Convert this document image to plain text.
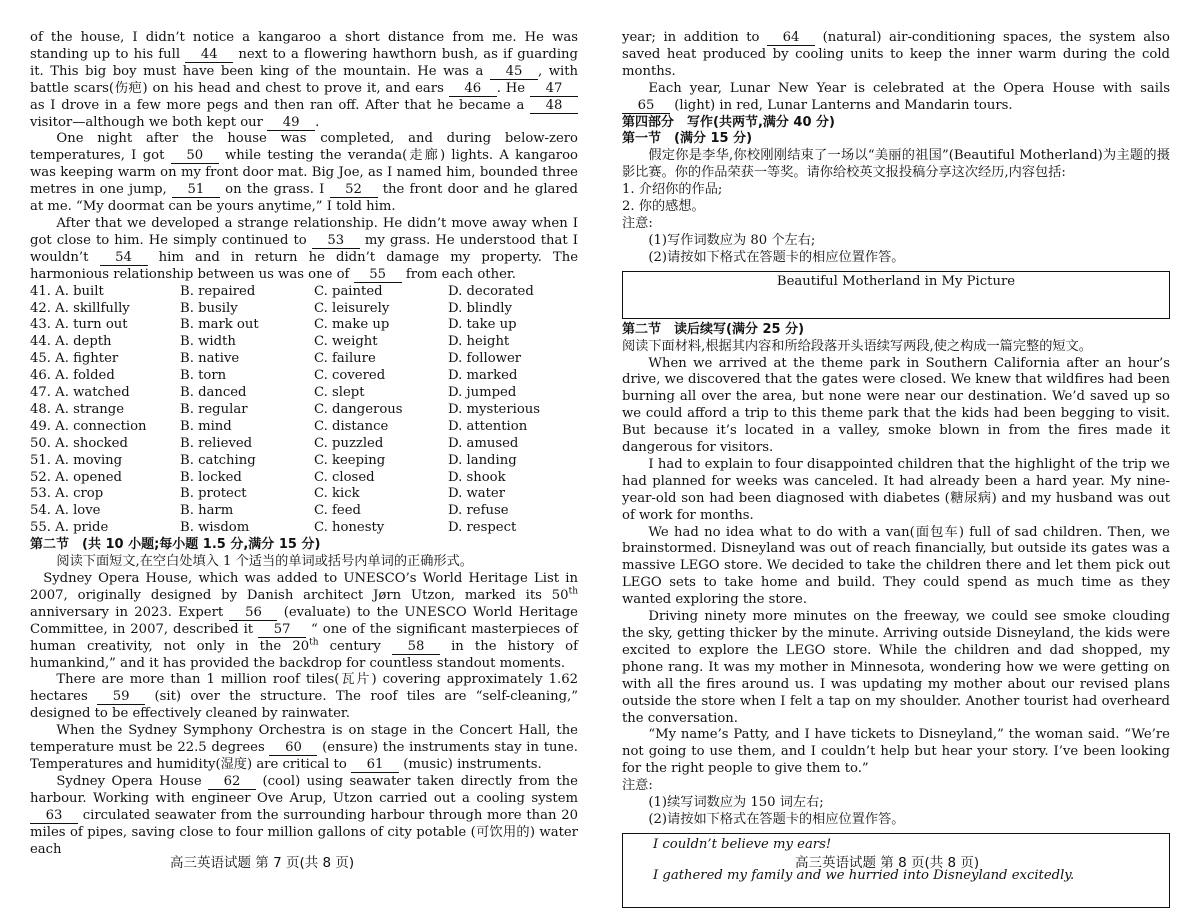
of the house, I didn’t notice a kangaroo a short distance from me. He was standing up to his full 44 next to a flowering hawthorn bush, as if guarding it. This big boy must have been king of the mountain. He was a 45 , with battle scars(伤疤) on his head and chest to prove it, and ears 46 . He 47 as I drove in a few more pegs and then ran off. After that he became a 48 visitor—although we both kept our 49 .

One night after the house was completed, and during below-zero temperatures, I got 50 while testing the veranda(走廊) lights. A kangaroo was keeping warm on my front door mat. Big Joe, as I named him, bounded three metres in one jump, 51 on the grass. I 52 the front door and he glared at me. “My doormat can be yours anytime,” I told him.

After that we developed a strange relationship. He didn’t move away when I got close to him. He simply continued to 53 my grass. He understood that I wouldn’t 54 him and in return he didn’t damage my property. The harmonious relationship between us was one of 55 from each other.

41. A. built	B. repaired	C. painted	D. decorated
42. A. skillfully	B. busily	C. leisurely	D. blindly
43. A. turn out	B. mark out	C. make up	D. take up
44. A. depth	B. width	C. weight	D. height
45. A. fighter	B. native	C. failure	D. follower
46. A. folded	B. torn	C. covered	D. marked
47. A. watched	B. danced	C. slept	D. jumped
48. A. strange	B. regular	C. dangerous	D. mysterious
49. A. connection	B. mind	C. distance	D. attention
50. A. shocked	B. relieved	C. puzzled	D. amused
51. A. moving	B. catching	C. keeping	D. landing
52. A. opened	B. locked	C. closed	D. shook
53. A. crop	B. protect	C. kick	D. water
54. A. love	B. harm	C. feed	D. refuse
55. A. pride	B. wisdom	C. honesty	D. respect

第二节　(共 10 小题;每小题 1.5 分,满分 15 分)

阅读下面短文,在空白处填入 1 个适当的单词或括号内单词的正确形式。

Sydney Opera House, which was added to UNESCO’s World Heritage List in 2007, originally designed by Danish architect Jørn Utzon, marked its 50th anniversary in 2023. Expert 56 (evaluate) to the UNESCO World Heritage Committee, in 2007, described it 57 “ one of the significant masterpieces of human creativity, not only in the 20th century 58 in the history of humankind,” and it has provided the backdrop for countless standout moments.

There are more than 1 million roof tiles(瓦片) covering approximately 1.62 hectares 59 (sit) over the structure. The roof tiles are “self-cleaning,” designed to be effectively cleaned by rainwater.

When the Sydney Symphony Orchestra is on stage in the Concert Hall, the temperature must be 22.5 degrees 60 (ensure) the instruments stay in tune. Temperatures and humidity(湿度) are critical to 61 (music) instruments.

Sydney Opera House 62 (cool) using seawater taken directly from the harbour. Working with engineer Ove Arup, Utzon carried out a cooling system 63 circulated seawater from the surrounding harbour through more than 20 miles of pipes, saving close to four million gallons of city potable (可饮用的) water each

高三英语试题 第 7 页(共 8 页)

year; in addition to 64 (natural) air-conditioning spaces, the system also saved heat produced by cooling units to keep the inner warm during the cold months.

Each year, Lunar New Year is celebrated at the Opera House with sails 65 (light) in red, Lunar Lanterns and Mandarin tours.

第四部分　写作(共两节,满分 40 分)

第一节　(满分 15 分)

假定你是李华,你校刚刚结束了一场以“美丽的祖国”(Beautiful Motherland)为主题的摄影比赛。你的作品荣获一等奖。请你给校英文报投稿分享这次经历,内容包括:

1. 介绍你的作品;

2. 你的感想。

注意:

(1)写作词数应为 80 个左右;

(2)请按如下格式在答题卡的相应位置作答。

Beautiful Motherland in My Picture

第二节　读后续写(满分 25 分)

阅读下面材料,根据其内容和所给段落开头语续写两段,使之构成一篇完整的短文。

When we arrived at the theme park in Southern California after an hour’s drive, we discovered that the gates were closed. We knew that wildfires had been burning all over the area, but none were near our destination. We’d saved up so we could afford a trip to this theme park that the kids had been begging to visit. But because it’s located in a valley, smoke blown in from the fires made it dangerous for visitors.

I had to explain to four disappointed children that the highlight of the trip we had planned for weeks was canceled. It had already been a hard year. My nine-year-old son had been diagnosed with diabetes (糖尿病) and my husband was out of work for months.

We had no idea what to do with a van(面包车) full of sad children. Then, we brainstormed. Disneyland was out of reach financially, but outside its gates was a massive LEGO store. We decided to take the children there and let them pick out LEGO sets to take home and build. They could spend as much time as they wanted exploring the store.

Driving ninety more minutes on the freeway, we could see smoke clouding the sky, getting thicker by the minute. Arriving outside Disneyland, the kids were excited to explore the LEGO store. While the children and dad shopped, my phone rang. It was my mother in Minnesota, wondering how we were getting on with all the fires around us. I was updating my mother about our revised plans outside the store when I felt a tap on my shoulder. Another tourist had overheard the conversation.

“My name’s Patty, and I have tickets to Disneyland,” the woman said. “We’re not going to use them, and I couldn’t help but hear your story. I’ve been looking for the right people to give them to.”

注意:

(1)续写词数应为 150 词左右;

(2)请按如下格式在答题卡的相应位置作答。

I couldn’t believe my ears!

I gathered my family and we hurried into Disneyland excitedly.

高三英语试题 第 8 页(共 8 页)
